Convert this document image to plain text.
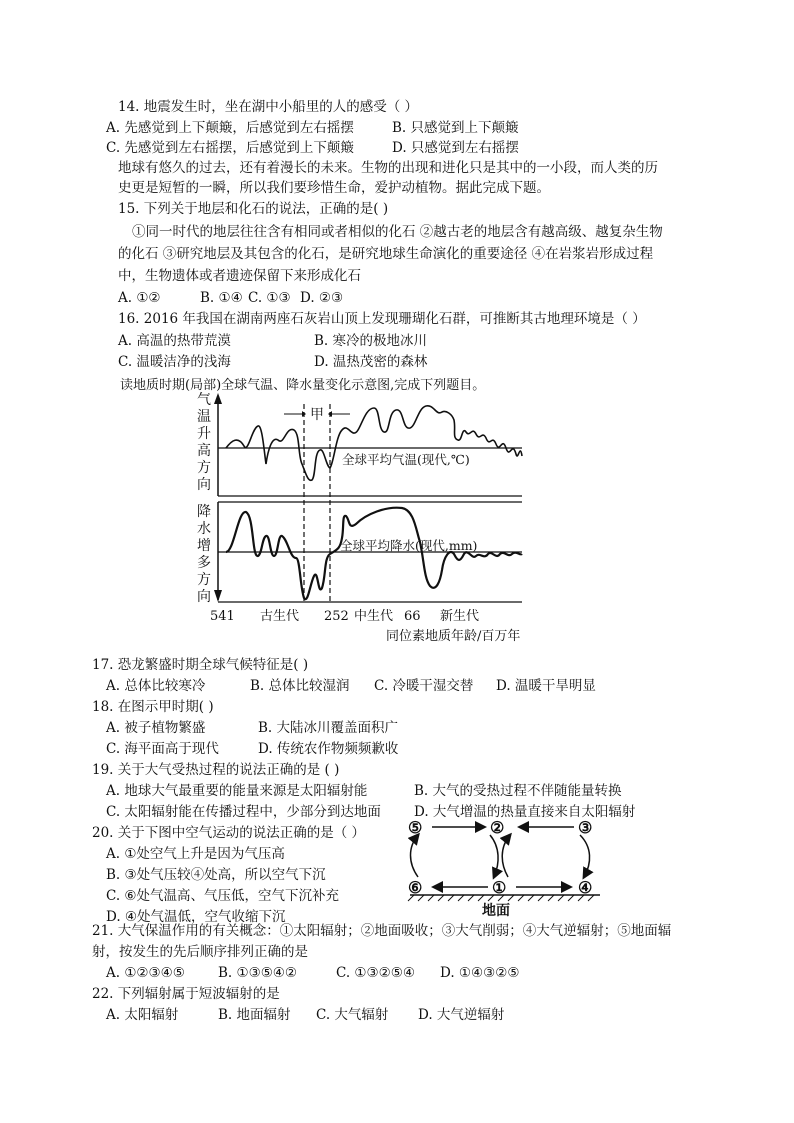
14. 地震发生时，坐在湖中小船里的人的感受（ ）
A. 先感觉到上下颠簸，后感觉到左右摇摆	B. 只感觉到上下颠簸
C. 先感觉到左右摇摆，后感觉到上下颠簸	D. 只感觉到左右摇摆
地球有悠久的过去，还有着漫长的未来。生物的出现和进化只是其中的一小段，而人类的历
史更是短暂的一瞬，所以我们要珍惜生命，爱护动植物。据此完成下题。
15. 下列关于地层和化石的说法，正确的是( )
①同一时代的地层往往含有相同或者相似的化石 ②越古老的地层含有越高级、越复杂生物
的化石 ③研究地层及其包含的化石，是研究地球生命演化的重要途径 ④在岩浆岩形成过程
中，生物遗体或者遗迹保留下来形成化石
A. ①②	B. ①④ C. ①③ D. ②③
16. 2016 年我国在湖南两座石灰岩山顶上发现珊瑚化石群，可推断其古地理环境是（ ）
A. 高温的热带荒漠	B. 寒冷的极地冰川
C. 温暖洁净的浅海	D. 温热茂密的森林
读地质时期(局部)全球气温、降水量变化示意图,完成下列题目。
气温升高方向
降水增多方向
甲
全球平均气温(现代,℃)
全球平均降水(现代,mm)
541 古生代 252 中生代 66 新生代
同位素地质年龄/百万年
17. 恐龙繁盛时期全球气候特征是( )
A. 总体比较寒冷	B. 总体比较湿润 C. 冷暖干湿交替 D. 温暖干旱明显
18. 在图示甲时期( )
A. 被子植物繁盛	B. 大陆冰川覆盖面积广
C. 海平面高于现代	D. 传统农作物频频歉收
19. 关于大气受热过程的说法正确的是 ( )
A. 地球大气最重要的能量来源是太阳辐射能	B. 大气的受热过程不伴随能量转换
C. 太阳辐射能在传播过程中，少部分到达地面 D. 大气增温的热量直接来自太阳辐射
20. 关于下图中空气运动的说法正确的是（ ）
A. ①处空气上升是因为气压高
B. ③处气压较④处高，所以空气下沉
C. ⑥处气温高、气压低，空气下沉补充
D. ④处气温低，空气收缩下沉
⑤	②	③
⑥	①	④
地面
21. 大气保温作用的有关概念：①太阳辐射；②地面吸收；③大气削弱；④大气逆辐射；⑤地面辐
射，按发生的先后顺序排列正确的是
A. ①②③④⑤ B. ①③⑤④②	C. ①③②⑤④ D. ①④③②⑤
22. 下列辐射属于短波辐射的是
A. 太阳辐射	B. 地面辐射 C. 大气辐射 D. 大气逆辐射
